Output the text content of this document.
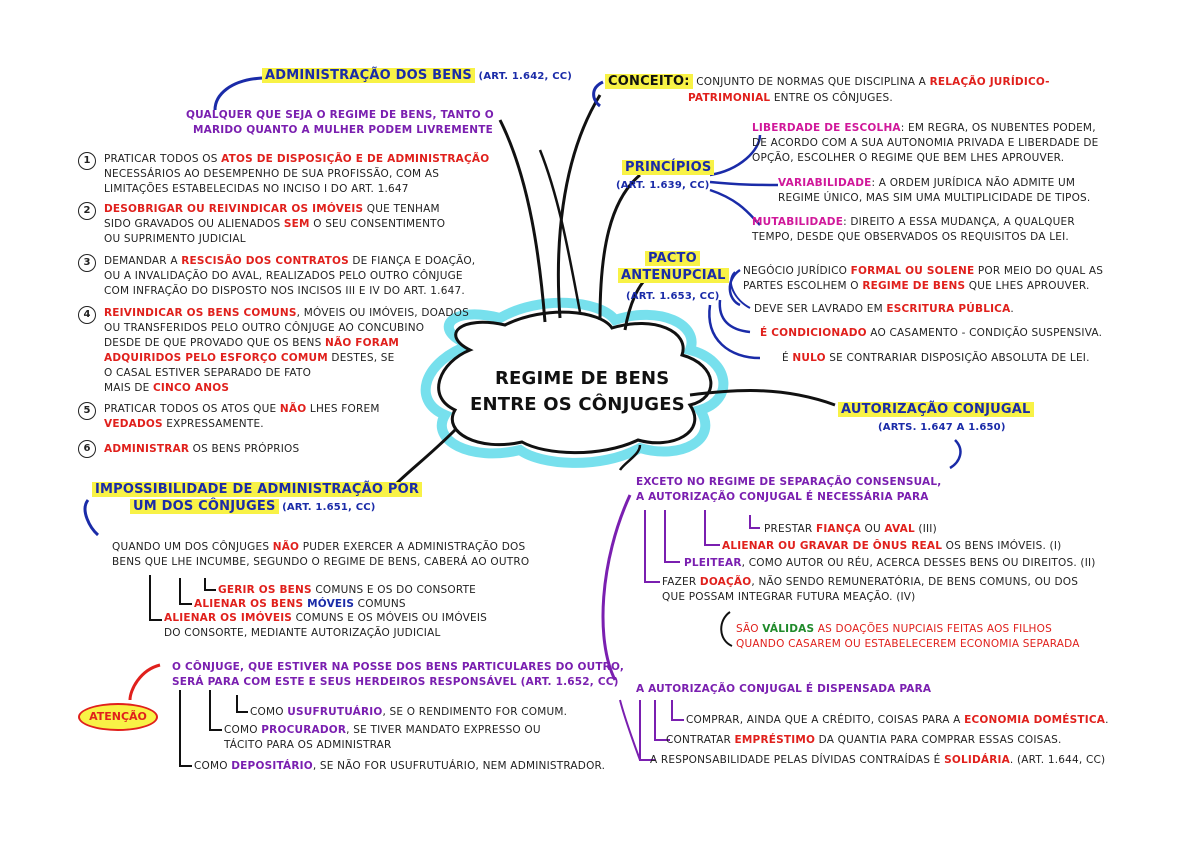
REGIME DE BENS
ENTRE OS CÔNJUGES
ADMINISTRAÇÃO DOS BENS (ART. 1.642, CC)
QUALQUER QUE SEJA O REGIME DE BENS, TANTO O
MARIDO QUANTO A MULHER PODEM LIVREMENTE
1	PRATICAR TODOS OS ATOS DE DISPOSIÇÃO E DE ADMINISTRAÇÃO
NECESSÁRIOS AO DESEMPENHO DE SUA PROFISSÃO, COM AS
LIMITAÇÕES ESTABELECIDAS NO INCISO I DO ART. 1.647
2	DESOBRIGAR OU REIVINDICAR OS IMÓVEIS QUE TENHAM
SIDO GRAVADOS OU ALIENADOS SEM O SEU CONSENTIMENTO
OU SUPRIMENTO JUDICIAL
3	DEMANDAR A RESCISÃO DOS CONTRATOS DE FIANÇA E DOAÇÃO,
OU A INVALIDAÇÃO DO AVAL, REALIZADOS PELO OUTRO CÔNJUGE
COM INFRAÇÃO DO DISPOSTO NOS INCISOS III E IV DO ART. 1.647.
4	REIVINDICAR OS BENS COMUNS, MÓVEIS OU IMÓVEIS, DOADOS
OU TRANSFERIDOS PELO OUTRO CÔNJUGE AO CONCUBINO
DESDE DE QUE PROVADO QUE OS BENS NÃO FORAM
ADQUIRIDOS PELO ESFORÇO COMUM DESTES, SE
O CASAL ESTIVER SEPARADO DE FATO
MAIS DE CINCO ANOS
5	PRATICAR TODOS OS ATOS QUE NÃO LHES FOREM
VEDADOS EXPRESSAMENTE.
6	ADMINISTRAR OS BENS PRÓPRIOS
IMPOSSIBILIDADE DE ADMINISTRAÇÃO POR
UM DOS CÔNJUGES (ART. 1.651, CC)
QUANDO UM DOS CÔNJUGES NÃO PUDER EXERCER A ADMINISTRAÇÃO DOS
BENS QUE LHE INCUMBE, SEGUNDO O REGIME DE BENS, CABERÁ AO OUTRO
GERIR OS BENS COMUNS E OS DO CONSORTE
ALIENAR OS BENS MÓVEIS COMUNS
ALIENAR OS IMÓVEIS COMUNS E OS MÓVEIS OU IMÓVEIS
DO CONSORTE, MEDIANTE AUTORIZAÇÃO JUDICIAL
ATENÇÃO
O CÔNJUGE, QUE ESTIVER NA POSSE DOS BENS PARTICULARES DO OUTRO,
SERÁ PARA COM ESTE E SEUS HERDEIROS RESPONSÁVEL (ART. 1.652, CC)
COMO USUFRUTUÁRIO, SE O RENDIMENTO FOR COMUM.
COMO PROCURADOR, SE TIVER MANDATO EXPRESSO OU
TÁCITO PARA OS ADMINISTRAR
COMO DEPOSITÁRIO, SE NÃO FOR USUFRUTUÁRIO, NEM ADMINISTRADOR.
CONCEITO: CONJUNTO DE NORMAS QUE DISCIPLINA A RELAÇÃO JURÍDICO-
PATRIMONIAL ENTRE OS CÔNJUGES.
PRINCÍPIOS
(ART. 1.639, CC)
LIBERDADE DE ESCOLHA: EM REGRA, OS NUBENTES PODEM,
DE ACORDO COM A SUA AUTONOMIA PRIVADA E LIBERDADE DE
OPÇÃO, ESCOLHER O REGIME QUE BEM LHES APROUVER.
VARIABILIDADE: A ORDEM JURÍDICA NÃO ADMITE UM
REGIME ÚNICO, MAS SIM UMA MULTIPLICIDADE DE TIPOS.
MUTABILIDADE: DIREITO A ESSA MUDANÇA, A QUALQUER
TEMPO, DESDE QUE OBSERVADOS OS REQUISITOS DA LEI.
PACTO
ANTENUPCIAL
(ART. 1.653, CC)
NEGÓCIO JURÍDICO FORMAL OU SOLENE POR MEIO DO QUAL AS
PARTES ESCOLHEM O REGIME DE BENS QUE LHES APROUVER.
DEVE SER LAVRADO EM ESCRITURA PÚBLICA.
É CONDICIONADO AO CASAMENTO - CONDIÇÃO SUSPENSIVA.
É NULO SE CONTRARIAR DISPOSIÇÃO ABSOLUTA DE LEI.
AUTORIZAÇÃO CONJUGAL
(ARTS. 1.647 A 1.650)
EXCETO NO REGIME DE SEPARAÇÃO CONSENSUAL,
A AUTORIZAÇÃO CONJUGAL É NECESSÁRIA PARA
PRESTAR FIANÇA OU AVAL (III)
ALIENAR OU GRAVAR DE ÔNUS REAL OS BENS IMÓVEIS. (I)
PLEITEAR, COMO AUTOR OU RÉU, ACERCA DESSES BENS OU DIREITOS. (II)
FAZER DOAÇÃO, NÃO SENDO REMUNERATÓRIA, DE BENS COMUNS, OU DOS
QUE POSSAM INTEGRAR FUTURA MEAÇÃO. (IV)
SÃO VÁLIDAS AS DOAÇÕES NUPCIAIS FEITAS AOS FILHOS
QUANDO CASAREM OU ESTABELECEREM ECONOMIA SEPARADA
A AUTORIZAÇÃO CONJUGAL É DISPENSADA PARA
COMPRAR, AINDA QUE A CRÉDITO, COISAS PARA A ECONOMIA DOMÉSTICA.
CONTRATAR EMPRÉSTIMO DA QUANTIA PARA COMPRAR ESSAS COISAS.
A RESPONSABILIDADE PELAS DÍVIDAS CONTRAÍDAS É SOLIDÁRIA. (ART. 1.644, CC)
